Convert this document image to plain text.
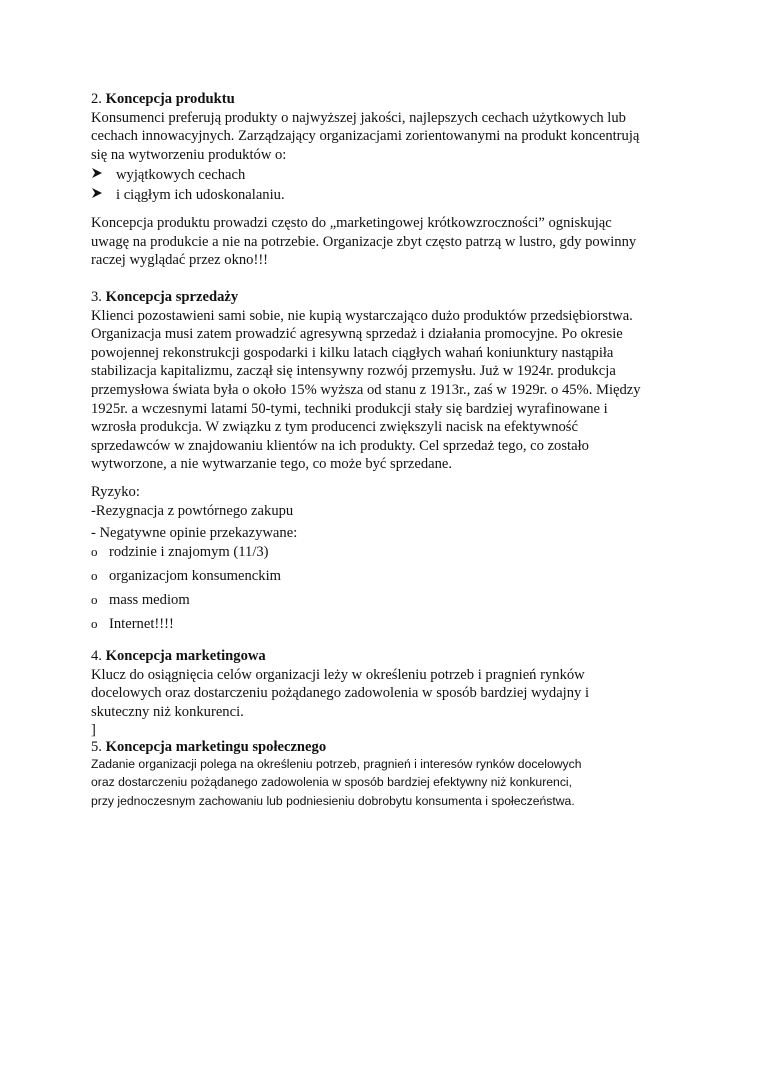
2. Koncepcja produktu
Konsumenci preferują produkty o najwyższej jakości, najlepszych cechach użytkowych lub
cechach innowacyjnych. Zarządzający organizacjami zorientowanymi na produkt koncentrują
się na wytworzeniu produktów o:
wyjątkowych cechach
i ciągłym ich udoskonalaniu.
Koncepcja produktu prowadzi często do „marketingowej krótkowzroczności” ogniskując
uwagę na produkcie a nie na potrzebie. Organizacje zbyt często patrzą w lustro, gdy powinny
raczej wyglądać przez okno!!!
3. Koncepcja sprzedaży
Klienci pozostawieni sami sobie, nie kupią wystarczająco dużo produktów przedsiębiorstwa.
Organizacja musi zatem prowadzić agresywną sprzedaż i działania promocyjne. Po okresie
powojennej rekonstrukcji gospodarki i kilku latach ciągłych wahań koniunktury nastąpiła
stabilizacja kapitalizmu, zaczął się intensywny rozwój przemysłu. Już w 1924r. produkcja
przemysłowa świata była o około 15% wyższa od stanu z 1913r., zaś w 1929r. o 45%. Między
1925r. a wczesnymi latami 50-tymi, techniki produkcji stały się bardziej wyrafinowane i
wzrosła produkcja. W związku z tym producenci zwiększyli nacisk na efektywność
sprzedawców w znajdowaniu klientów na ich produkty. Cel sprzedaż tego, co zostało
wytworzone, a nie wytwarzanie tego, co może być sprzedane.
Ryzyko:
-Rezygnacja z powtórnego zakupu
- Negatywne opinie przekazywane:
o rodzinie i znajomym (11/3)
o organizacjom konsumenckim
o mass mediom
o Internet!!!!
4. Koncepcja marketingowa
Klucz do osiągnięcia celów organizacji leży w określeniu potrzeb i pragnień rynków
docelowych oraz dostarczeniu pożądanego zadowolenia w sposób bardziej wydajny i
skuteczny niż konkurenci.
]
5. Koncepcja marketingu społecznego
Zadanie organizacji polega na określeniu potrzeb, pragnień i interesów rynków docelowych
oraz dostarczeniu pożądanego zadowolenia w sposób bardziej efektywny niż konkurenci,
przy jednoczesnym zachowaniu lub podniesieniu dobrobytu konsumenta i społeczeństwa.
